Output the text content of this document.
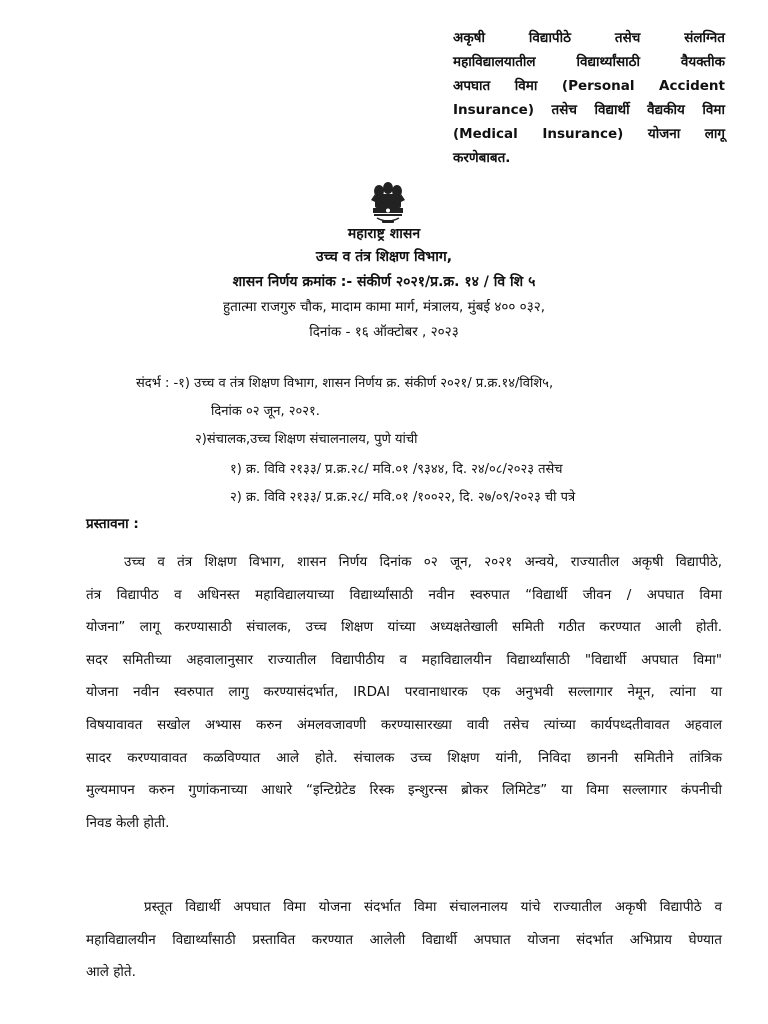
अकृषी विद्यापीठे तसेच संलग्नित
महाविद्यालयातील विद्यार्थ्यांसाठी वैयक्तीक
अपघात विमा (Personal Accident
Insurance) तसेच विद्यार्थी वैद्यकीय विमा
(Medical Insurance) योजना लागू
करणेबाबत.
महाराष्ट्र शासन
उच्च व तंत्र शिक्षण विभाग,
शासन निर्णय क्रमांक :- संकीर्ण २०२१/प्र.क्र. १४ / वि शि ५
हुतात्मा राजगुरु चौक, मादाम कामा मार्ग, मंत्रालय, मुंबई ४०० ०३२,
दिनांक - १६ ऑक्टोबर , २०२३
संदर्भ : -१) उच्च व तंत्र शिक्षण विभाग, शासन निर्णय क्र. संकीर्ण २०२१/ प्र.क्र.१४/विशि५,
दिनांक ०२ जून, २०२१.
२)संचालक,उच्च शिक्षण संचालनालय, पुणे यांची
१) क्र. विवि २१३३/ प्र.क्र.२८/ मवि.०१ /९३४४, दि. २४/०८/२०२३ तसेच
२) क्र. विवि २१३३/ प्र.क्र.२८/ मवि.०१ /१००२२, दि. २७/०९/२०२३ ची पत्रे
प्रस्तावना :
उच्च व तंत्र शिक्षण विभाग, शासन निर्णय दिनांक ०२ जून, २०२१ अन्वये, राज्यातील अकृषी विद्यापीठे,
तंत्र विद्यापीठ व अधिनस्त महाविद्यालयाच्या विद्यार्थ्यांसाठी नवीन स्वरुपात “विद्यार्थी जीवन / अपघात विमा
योजना” लागू करण्यासाठी संचालक, उच्च शिक्षण यांच्या अध्यक्षतेखाली समिती गठीत करण्यात आली होती.
सदर समितीच्या अहवालानुसार राज्यातील विद्यापीठीय व महाविद्यालयीन विद्यार्थ्यांसाठी "विद्यार्थी अपघात विमा"
योजना नवीन स्वरुपात लागु करण्यासंदर्भात, IRDAI परवानाधारक एक अनुभवी सल्लागार नेमून, त्यांना या
विषयावावत सखोल अभ्यास करुन अंमलवजावणी करण्यासारख्या वावी तसेच त्यांच्या कार्यपध्दतीवावत अहवाल
सादर करण्यावावत कळविण्यात आले होते. संचालक उच्च शिक्षण यांनी, निविदा छाननी समितीने तांत्रिक
मुल्यमापन करुन गुणांकनाच्या आधारे “इन्टिग्रेटेड रिस्क इन्शुरन्स ब्रोकर लिमिटेड” या विमा सल्लागार कंपनीची
निवड केली होती.
प्रस्तूत विद्यार्थी अपघात विमा योजना संदर्भात विमा संचालनालय यांचे राज्यातील अकृषी विद्यापीठे व
महाविद्यालयीन विद्यार्थ्यांसाठी प्रस्तावित करण्यात आलेली विद्यार्थी अपघात योजना संदर्भात अभिप्राय घेण्यात
आले होते.
